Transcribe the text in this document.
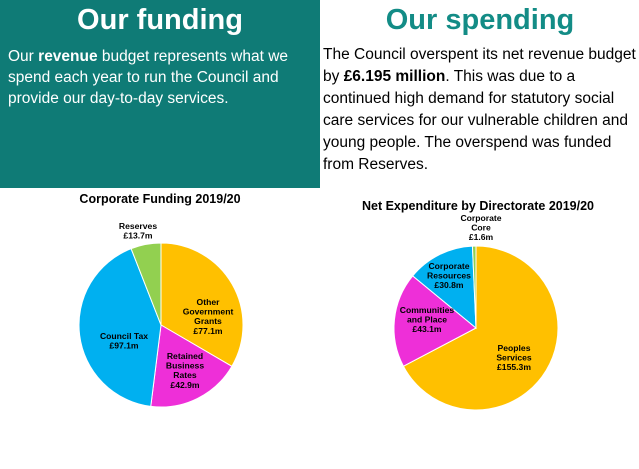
Our funding

Our revenue budget represents what we spend each year to run the Council and provide our day-to-day services.

Our spending

The Council overspent its net revenue budget by £6.195 million. This was due to a continued high demand for statutory social care services for our vulnerable children and young people. The overspend was funded from Reserves.

Corporate Funding 2019/20
Other Government Grants £77.1m
Retained Business Rates £42.9m
Council Tax £97.1m
Reserves £13.7m
Net Expenditure by Directorate 2019/20
Peoples Services £155.3m
Communities and Place £43.1m
Corporate Resources £30.8m
Corporate Core £1.6m
